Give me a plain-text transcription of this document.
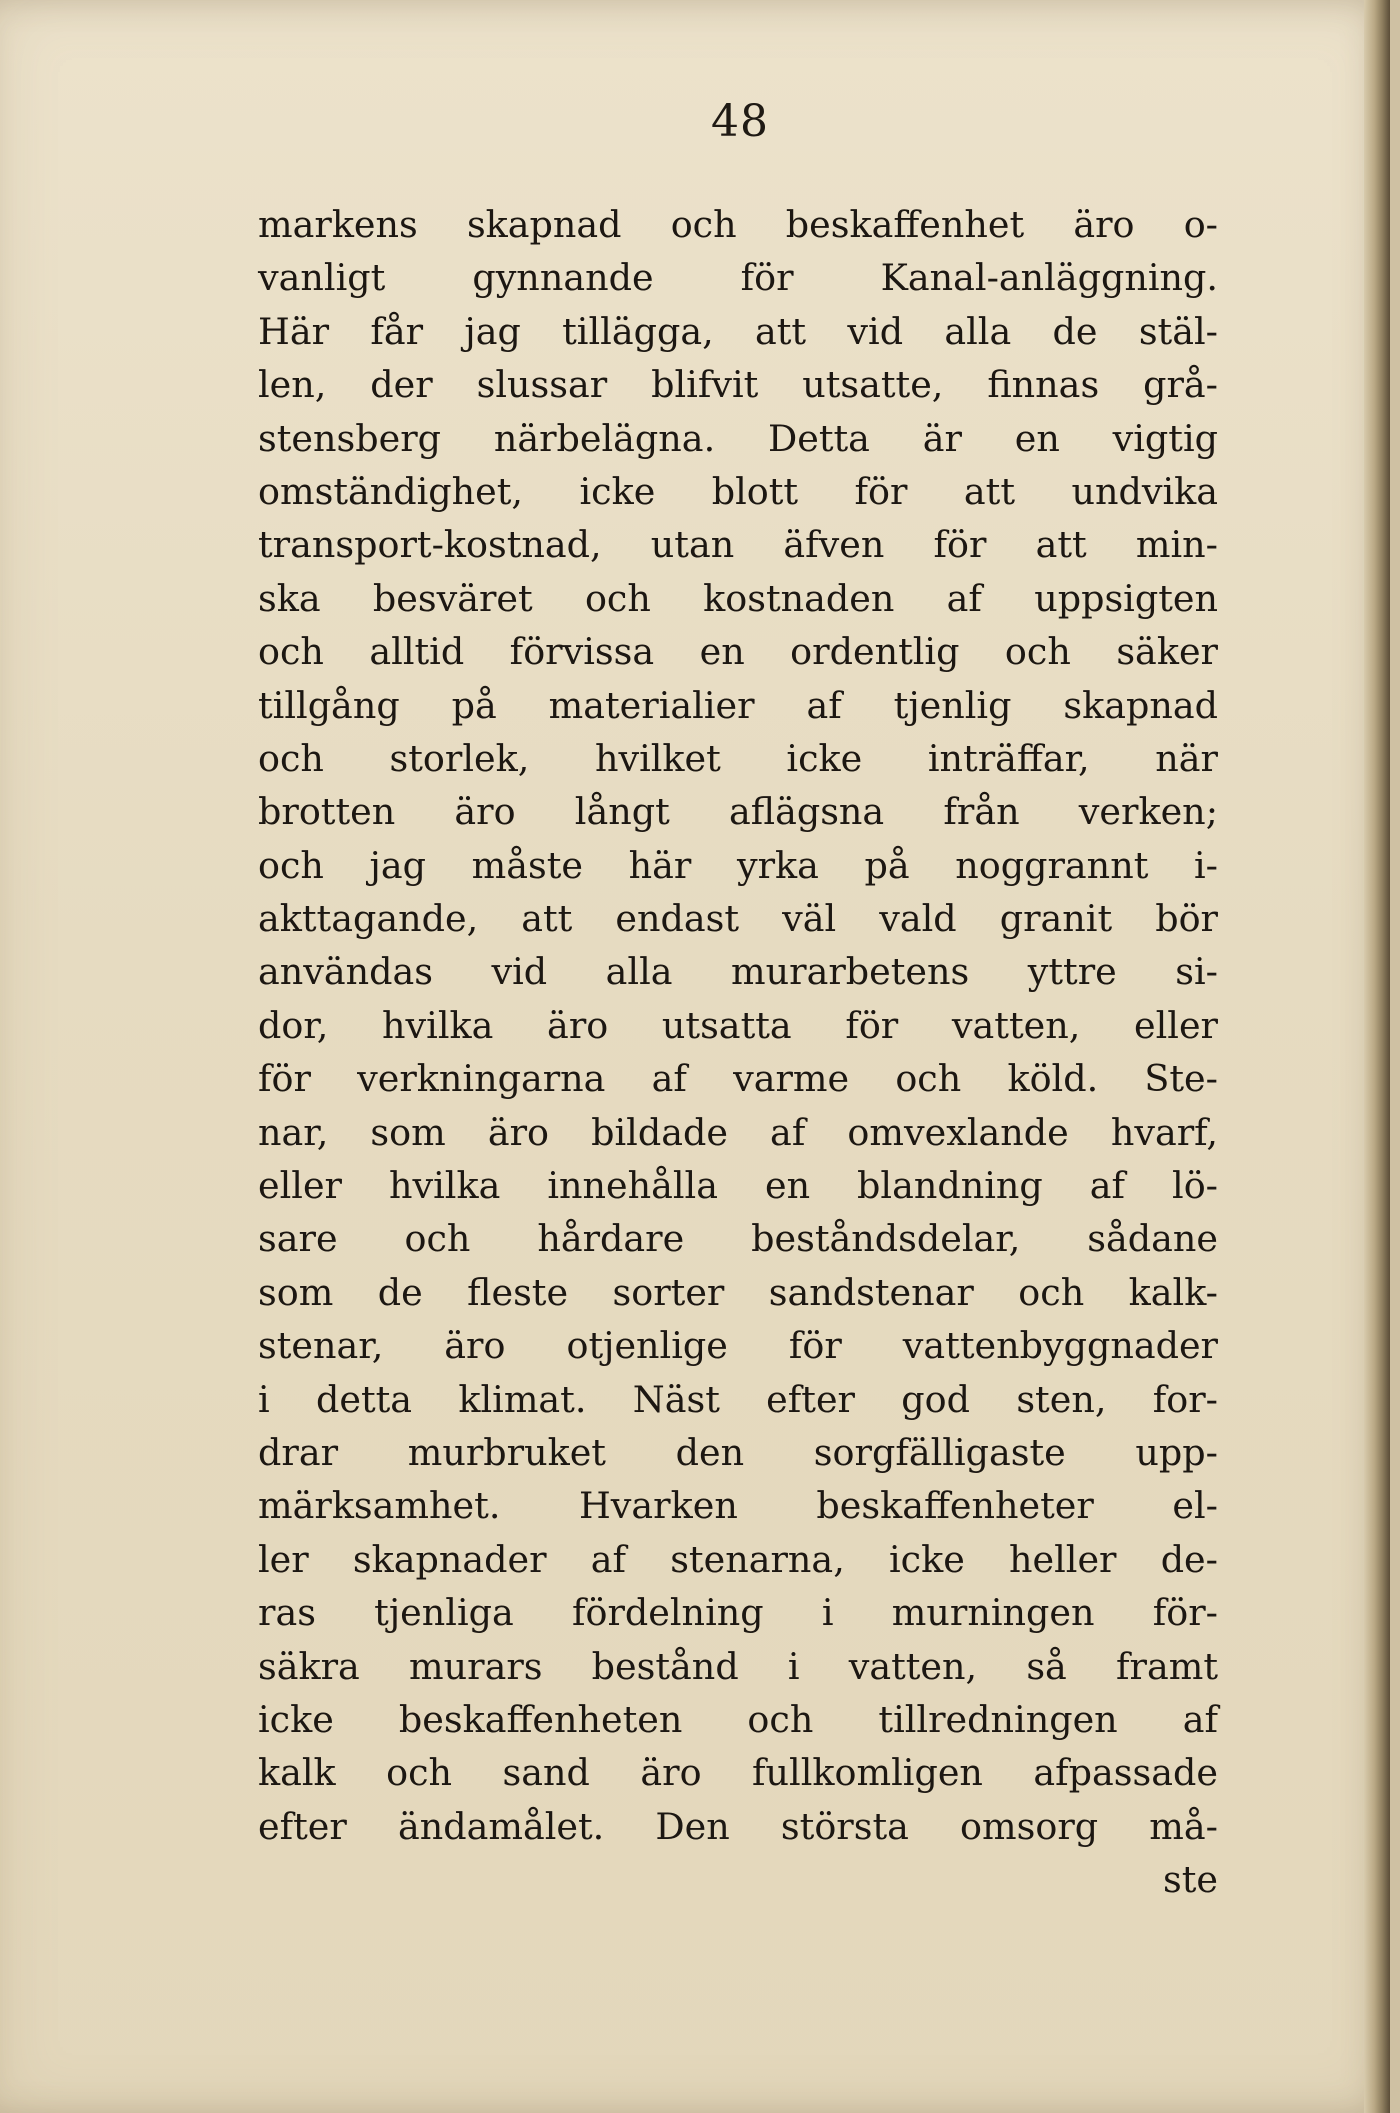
48
markens skapnad och beskaffenhet äro o-
vanligt gynnande för Kanal-anläggning.
Här får jag tillägga, att vid alla de stäl-
len, der slussar blifvit utsatte, finnas grå-
stensberg närbelägna. Detta är en vigtig
omständighet, icke blott för att undvika
transport-kostnad, utan äfven för att min-
ska besväret och kostnaden af uppsigten
och alltid förvissa en ordentlig och säker
tillgång på materialier af tjenlig skapnad
och storlek, hvilket icke inträffar, när
brotten äro långt aflägsna från verken;
och jag måste här yrka på noggrannt i-
akttagande, att endast väl vald granit bör
användas vid alla murarbetens yttre si-
dor, hvilka äro utsatta för vatten, eller
för verkningarna af varme och köld. Ste-
nar, som äro bildade af omvexlande hvarf,
eller hvilka innehålla en blandning af lö-
sare och hårdare beståndsdelar, sådane
som de fleste sorter sandstenar och kalk-
stenar, äro otjenlige för vattenbyggnader
i detta klimat. Näst efter god sten, for-
drar murbruket den sorgfälligaste upp-
märksamhet. Hvarken beskaffenheter el-
ler skapnader af stenarna, icke heller de-
ras tjenliga fördelning i murningen för-
säkra murars bestånd i vatten, så framt
icke beskaffenheten och tillredningen af
kalk och sand äro fullkomligen afpassade
efter ändamålet. Den största omsorg må-
ste
